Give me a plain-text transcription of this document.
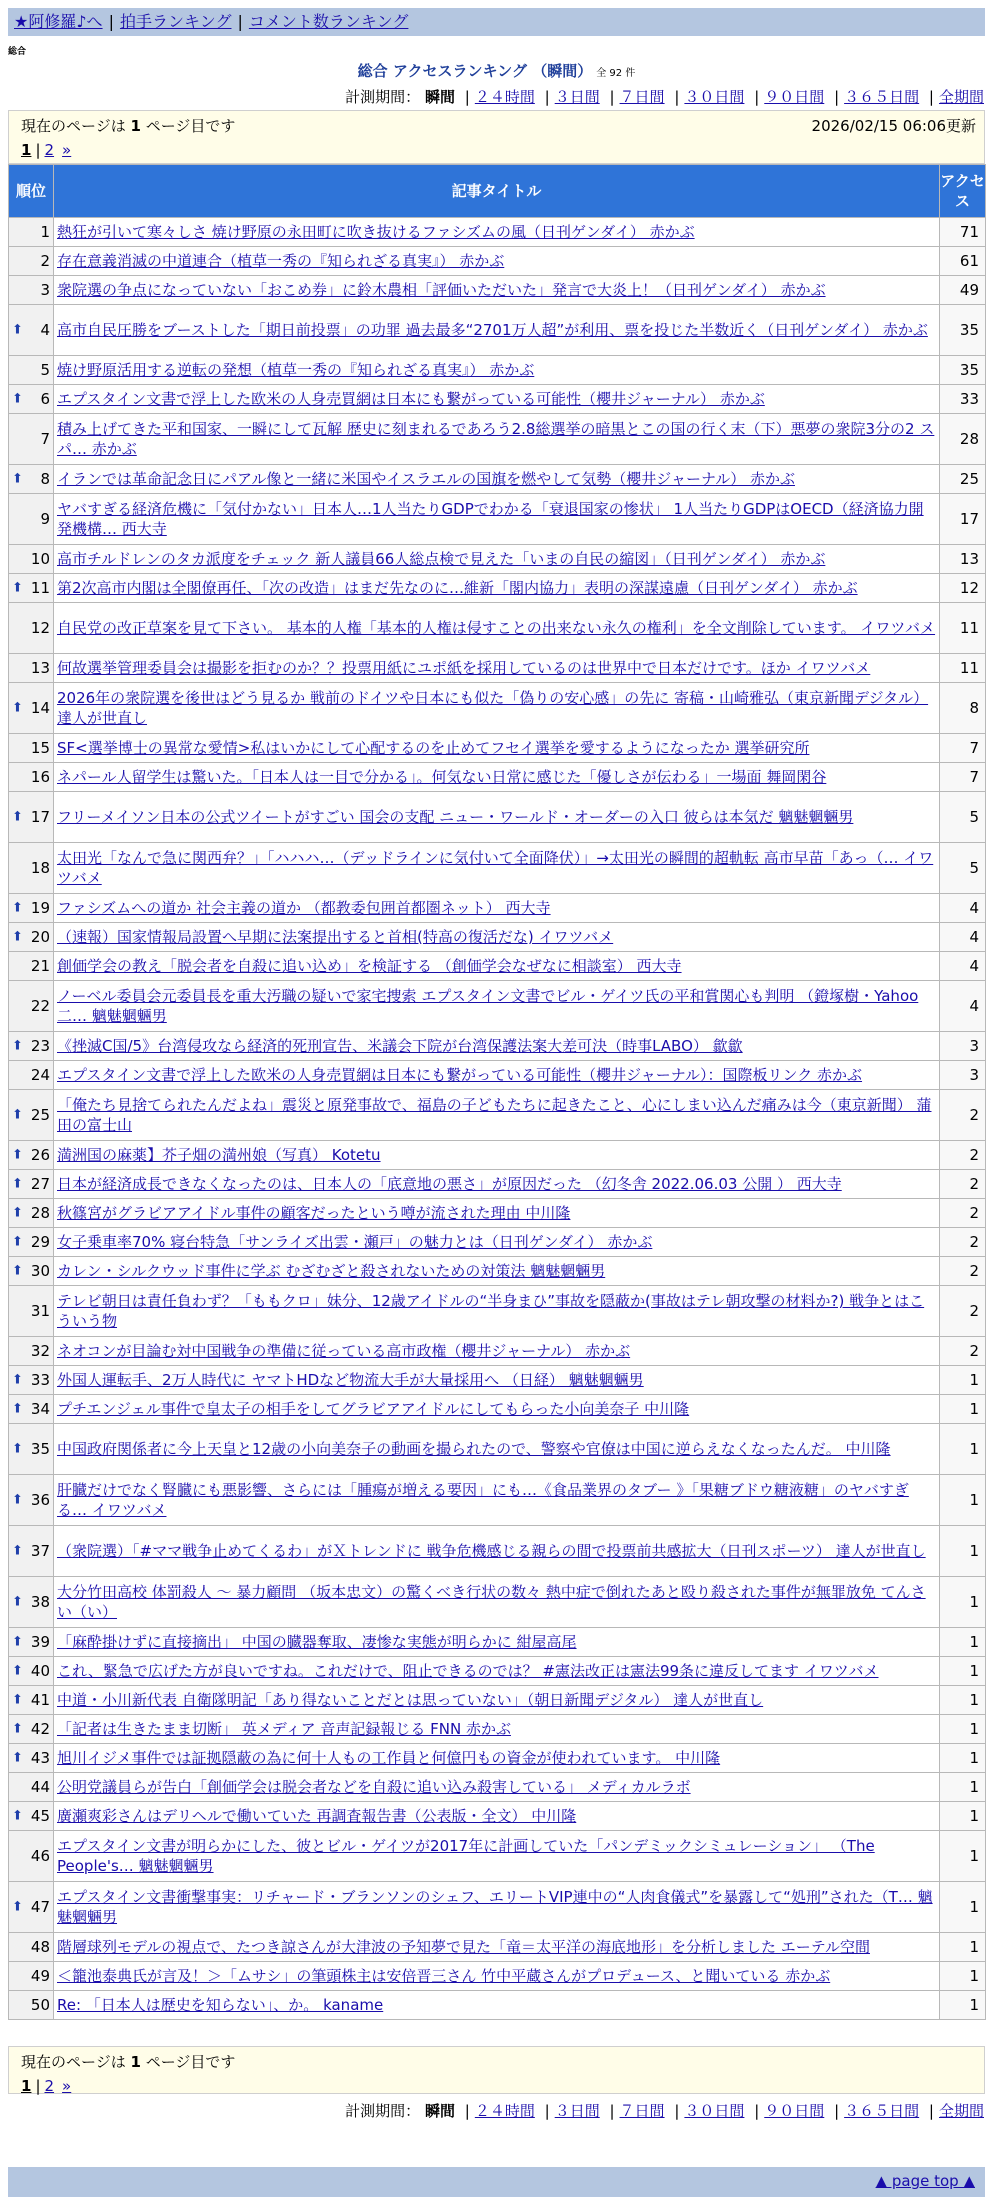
★阿修羅♪へ | 拍手ランキング | コメント数ランキング
総合
総合 アクセスランキング （瞬間） 全 92 件
計測期間： 瞬間 | ２４時間 | ３日間 | ７日間 | ３０日間 | ９０日間 | ３６５日間 | 全期間
現在のページは 1 ページ目です	2026/02/15 06:06更新
1 | 2 »
順位	記事タイトル	アクセス
1	熱狂が引いて寒々しさ 焼け野原の永田町に吹き抜けるファシズムの風（日刊ゲンダイ） 赤かぶ	71
2	存在意義消滅の中道連合（植草一秀の『知られざる真実』） 赤かぶ	61
3	衆院選の争点になっていない「おこめ券」に鈴木農相「評価いただいた」発言で大炎上！（日刊ゲンダイ） 赤かぶ	49

⬆ 4	高市自民圧勝をブーストした「期日前投票」の功罪 過去最多“2701万人超”が利用、票を投じた半数近く（日刊ゲンダイ） 赤かぶ	35
5	焼け野原活用する逆転の発想（植草一秀の『知られざる真実』） 赤かぶ	35

⬆ 6	エプスタイン文書で浮上した欧米の人身売買網は日本にも繋がっている可能性（櫻井ジャーナル） 赤かぶ	33
7	積み上げてきた平和国家、一瞬にして瓦解 歴史に刻まれるであろう2.8総選挙の暗黒とこの国の行く末（下）悪夢の衆院3分の2 スパ… 赤かぶ	28

⬆ 8	イランでは革命記念日にパアル像と一緒に米国やイスラエルの国旗を燃やして気勢（櫻井ジャーナル） 赤かぶ	25
9	ヤバすぎる経済危機に「気付かない」日本人…1人当たりGDPでわかる「衰退国家の惨状」 1人当たりGDPはOECD（経済協力開発機構… 西大寺	17
10	高市チルドレンのタカ派度をチェック 新人議員66人総点検で見えた「いまの自民の縮図」（日刊ゲンダイ） 赤かぶ	13

⬆ 11	第2次高市内閣は全閣僚再任、「次の改造」はまだ先なのに…維新「閣内協力」表明の深謀遠慮（日刊ゲンダイ） 赤かぶ	12
12	自民党の改正草案を見て下さい。 基本的人権「基本的人権は侵すことの出来ない永久の権利」を全文削除しています。 イワツバメ	11
13	何故選挙管理委員会は撮影を拒むのか？？投票用紙にユポ紙を採用しているのは世界中で日本だけです。ほか イワツバメ	11

⬆ 14	2026年の衆院選を後世はどう見るか 戦前のドイツや日本にも似た「偽りの安心感」の先に 寄稿・山崎雅弘（東京新聞デジタル） 達人が世直し	8
15	SF<選挙博士の異常な愛情>私はいかにして心配するのを止めてフセイ選挙を愛するようになったか 選挙研究所	7
16	ネパール人留学生は驚いた。「日本人は一目で分かる」。何気ない日常に感じた「優しさが伝わる」一場面 舞岡閑谷	7

⬆ 17	フリーメイソン日本の公式ツイートがすごい 国会の支配 ニュー・ワールド・オーダーの入口 彼らは本気だ 魑魅魍魎男	5
18	太田光「なんで急に関西弁？」「ハハハ…（デッドラインに気付いて全面降伏）」→太田光の瞬間的超軌転 高市早苗「あっ（… イワツバメ	5

⬆ 19	ファシズムへの道か 社会主義の道か （都教委包囲首都圏ネット） 西大寺	4

⬆ 20	（速報）国家情報局設置へ早期に法案提出すると首相(特高の復活だな) イワツバメ	4
21	創価学会の教え「脱会者を自殺に追い込め」を検証する （創価学会なぜなに相談室） 西大寺	4
22	ノーベル委員会元委員長を重大汚職の疑いで家宅捜索 エプスタイン文書でビル・ゲイツ氏の平和賞関心も判明 （鐙塚樹・Yahoo二… 魑魅魍魎男	4

⬆ 23	《挫滅C国/5》台湾侵攻なら経済的死刑宣告、米議会下院が台湾保護法案大差可決（時事LABO） 歙歙	3
24	エプスタイン文書で浮上した欧米の人身売買網は日本にも繋がっている可能性（櫻井ジャーナル）：国際板リンク 赤かぶ	3

⬆ 25	「俺たち見捨てられたんだよね」震災と原発事故で、福島の子どもたちに起きたこと、心にしまい込んだ痛みは今（東京新聞） 蒲田の富士山	2

⬆ 26	満洲国の麻薬】芥子畑の満州娘（写真） Kotetu	2

⬆ 27	日本が経済成長できなくなったのは、日本人の「底意地の悪さ」が原因だった （幻冬舎 2022.06.03 公開 ） 西大寺	2

⬆ 28	秋篠宮がグラビアアイドル事件の顧客だったという噂が流された理由 中川隆	2

⬆ 29	女子乗車率70% 寝台特急「サンライズ出雲・瀬戸」の魅力とは（日刊ゲンダイ） 赤かぶ	2

⬆ 30	カレン・シルクウッド事件に学ぶ むざむざと殺されないための対策法 魑魅魍魎男	2
31	テレビ朝日は責任負わず？「ももクロ」妹分、12歳アイドルの“半身まひ”事故を隠蔽か(事故はテレ朝攻撃の材料か?) 戦争とはこういう物	2
32	ネオコンが目論む対中国戦争の準備に従っている高市政権（櫻井ジャーナル） 赤かぶ	2

⬆ 33	外国人運転手、2万人時代に ヤマトHDなど物流大手が大量採用へ （日経） 魑魅魍魎男	1

⬆ 34	プチエンジェル事件で皇太子の相手をしてグラビアアイドルにしてもらった小向美奈子 中川隆	1

⬆ 35	中国政府関係者に今上天皇と12歳の小向美奈子の動画を撮られたので、警察や官僚は中国に逆らえなくなったんだ。 中川隆	1

⬆ 36	肝臓だけでなく腎臓にも悪影響、さらには「腫瘍が増える要因」にも…《食品業界のタブー 》「果糖ブドウ糖液糖」のヤバすぎる… イワツバメ	1

⬆ 37	（衆院選）「#ママ戦争止めてくるわ」がＸトレンドに 戦争危機感じる親らの間で投票前共感拡大（日刊スポーツ） 達人が世直し	1

⬆ 38	大分竹田高校 体罰殺人 〜 暴力顧問 （坂本忠文）の驚くべき行状の数々 熱中症で倒れたあと殴り殺された事件が無罪放免 てんさい（い）	1

⬆ 39	「麻酔掛けずに直接摘出」 中国の臓器奪取、凄惨な実態が明らかに 紺屋高尾	1

⬆ 40	これ、緊急で広げた方が良いですね。これだけで、阻止できるのでは？ #憲法改正は憲法99条に違反してます イワツバメ	1

⬆ 41	中道・小川新代表 自衛隊明記「あり得ないことだとは思っていない」（朝日新聞デジタル） 達人が世直し	1

⬆ 42	「記者は生きたまま切断」 英メディア 音声記録報じる FNN 赤かぶ	1

⬆ 43	旭川イジメ事件では証拠隠蔽の為に何十人もの工作員と何億円もの資金が使われています。 中川隆	1
44	公明党議員らが告白「創価学会は脱会者などを自殺に追い込み殺害している」 メディカルラボ	1

⬆ 45	廣瀬爽彩さんはデリヘルで働いていた 再調査報告書（公表版・全文） 中川隆	1
46	エプスタイン文書が明らかにした、彼とビル・ゲイツが2017年に計画していた「パンデミックシミュレーション」 （The People's… 魑魅魍魎男	1

⬆ 47	エプスタイン文書衝撃事実：リチャード・ブランソンのシェフ、エリートVIP連中の“人肉食儀式”を暴露して“処刑”された（T… 魑魅魍魎男	1
48	階層球列モデルの視点で、たつき諒さんが大津波の予知夢で見た「竜＝太平洋の海底地形」を分析しました エーテル空間	1
49	＜籠池泰典氏が言及！＞「ムサシ」の筆頭株主は安倍晋三さん 竹中平蔵さんがプロデュース、と聞いている 赤かぶ	1
50	Re: 「日本人は歴史を知らない」、か。 kaname	1
現在のページは 1 ページ目です
1 | 2 »
計測期間： 瞬間 | ２４時間 | ３日間 | ７日間 | ３０日間 | ９０日間 | ３６５日間 | 全期間
▲ page top ▲
